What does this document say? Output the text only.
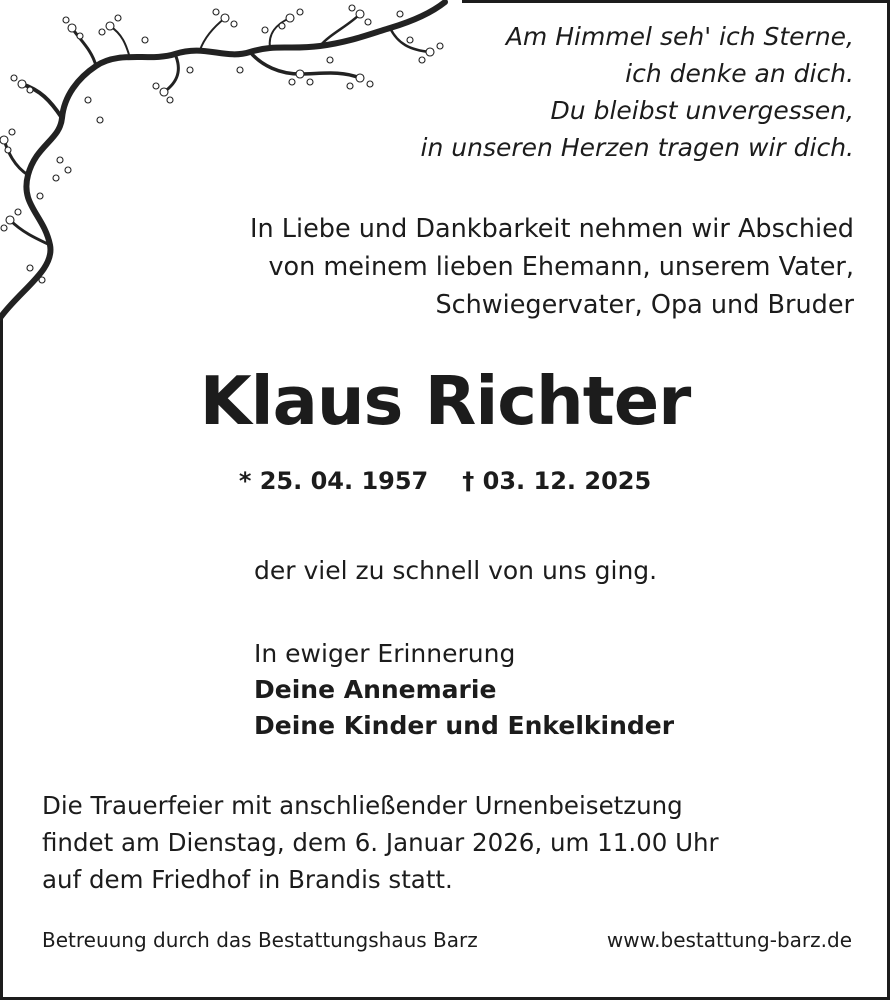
Am Himmel seh' ich Sterne,
ich denke an dich.
Du bleibst unvergessen,
in unseren Herzen tragen wir dich.
In Liebe und Dankbarkeit nehmen wir Abschied
von meinem lieben Ehemann, unserem Vater,
Schwiegervater, Opa und Bruder
Klaus Richter
* 25. 04. 1957 † 03. 12. 2025
der viel zu schnell von uns ging.
In ewiger Erinnerung
Deine Annemarie
Deine Kinder und Enkelkinder
Die Trauerfeier mit anschließender Urnenbeisetzung
findet am Dienstag, dem 6. Januar 2026, um 11.00 Uhr
auf dem Friedhof in Brandis statt.
Betreuung durch das Bestattungshaus Barz	www.bestattung-barz.de
